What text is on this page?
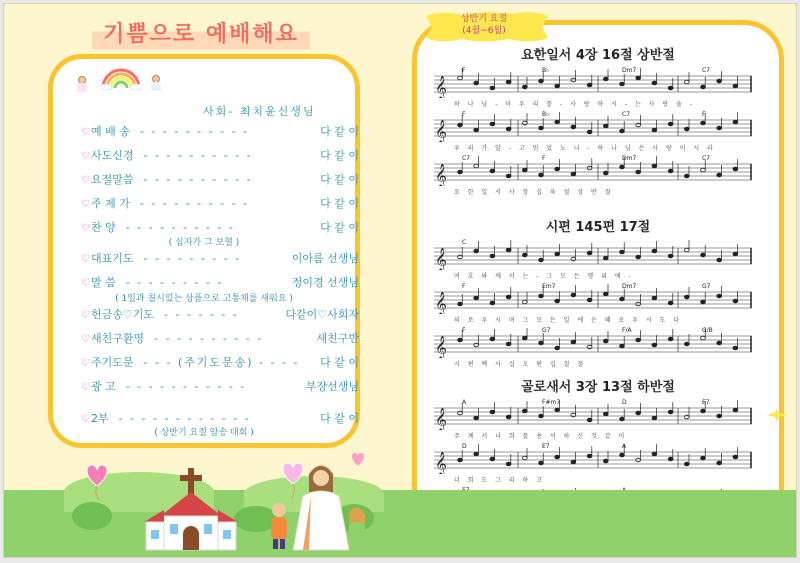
기쁨으로 예배해요
사회- 최치윤신생님
♡예 배 송 - - - - - - - - - -	다 같 이
♡사도신경 - - - - - - - - - -	다 같 이
♡요절말씀 - - - - - - - - - -	다 같 이
♡주 제 가 - - - - - - - - - -	다 같 이
♡찬 양 - - - - - - - - - -	다 같 이
♡대표기도 - - - - - - - - -	이아름 선생님
♡말 씀 - - - - - - - - -	정이경 선생님
♡헌금송♡기도 - - - - - - -	다같이♡사회자
♡새친구환영 - - - - - - - - - -	새친구반
♡주기도문 - - - (주기도문송) - - - -	다 같 이
♡광 고 - - - - - - - - - - -	부장선생님
♡2부 - - - - - - - - - - - -	다 같 이
( 십자가 그 보혈 )
( 1일과 칠시있는 상품으로 고통채를 새워요 )
( 상반기 요절 암송 대회 )
상반기 요절
(4월~6월)
요한일서 4장 16절 상반절
𝄞
F	B♭	Dm7	C7
하 나 님 - 이 우 리 를 - 사 랑 하 시 - 는 사 랑 을 -
𝄞
F	B♭	C7	F
우 리 가 알 - 고 믿 었 노 니 - 하 나 님 은 사 랑 이 시 라
𝄞
C7	F	Dm7	C7
요 한 일 서 사 장 십 육 절 상 반 절
시편 145편 17절
𝄞
C
여 호 와 께 서 는 - 그 모 든 행 위 에 -
𝄞
F	Em7	Dm7	G7
의 로 우 시 며 그 모 든 일 에 은 혜 로 우 시 도 다
𝄞
F	G7	F/A	G/B
시 편 백 사 십 오 편 십 칠 절
골로새서 3장 13절 하반절
𝄞
A	F#m7	D	E7
주 께 서 너 희 를 용 서 하 신 것 같 이
𝄞
D	E7	A
너 희 도 그 리 하 고
